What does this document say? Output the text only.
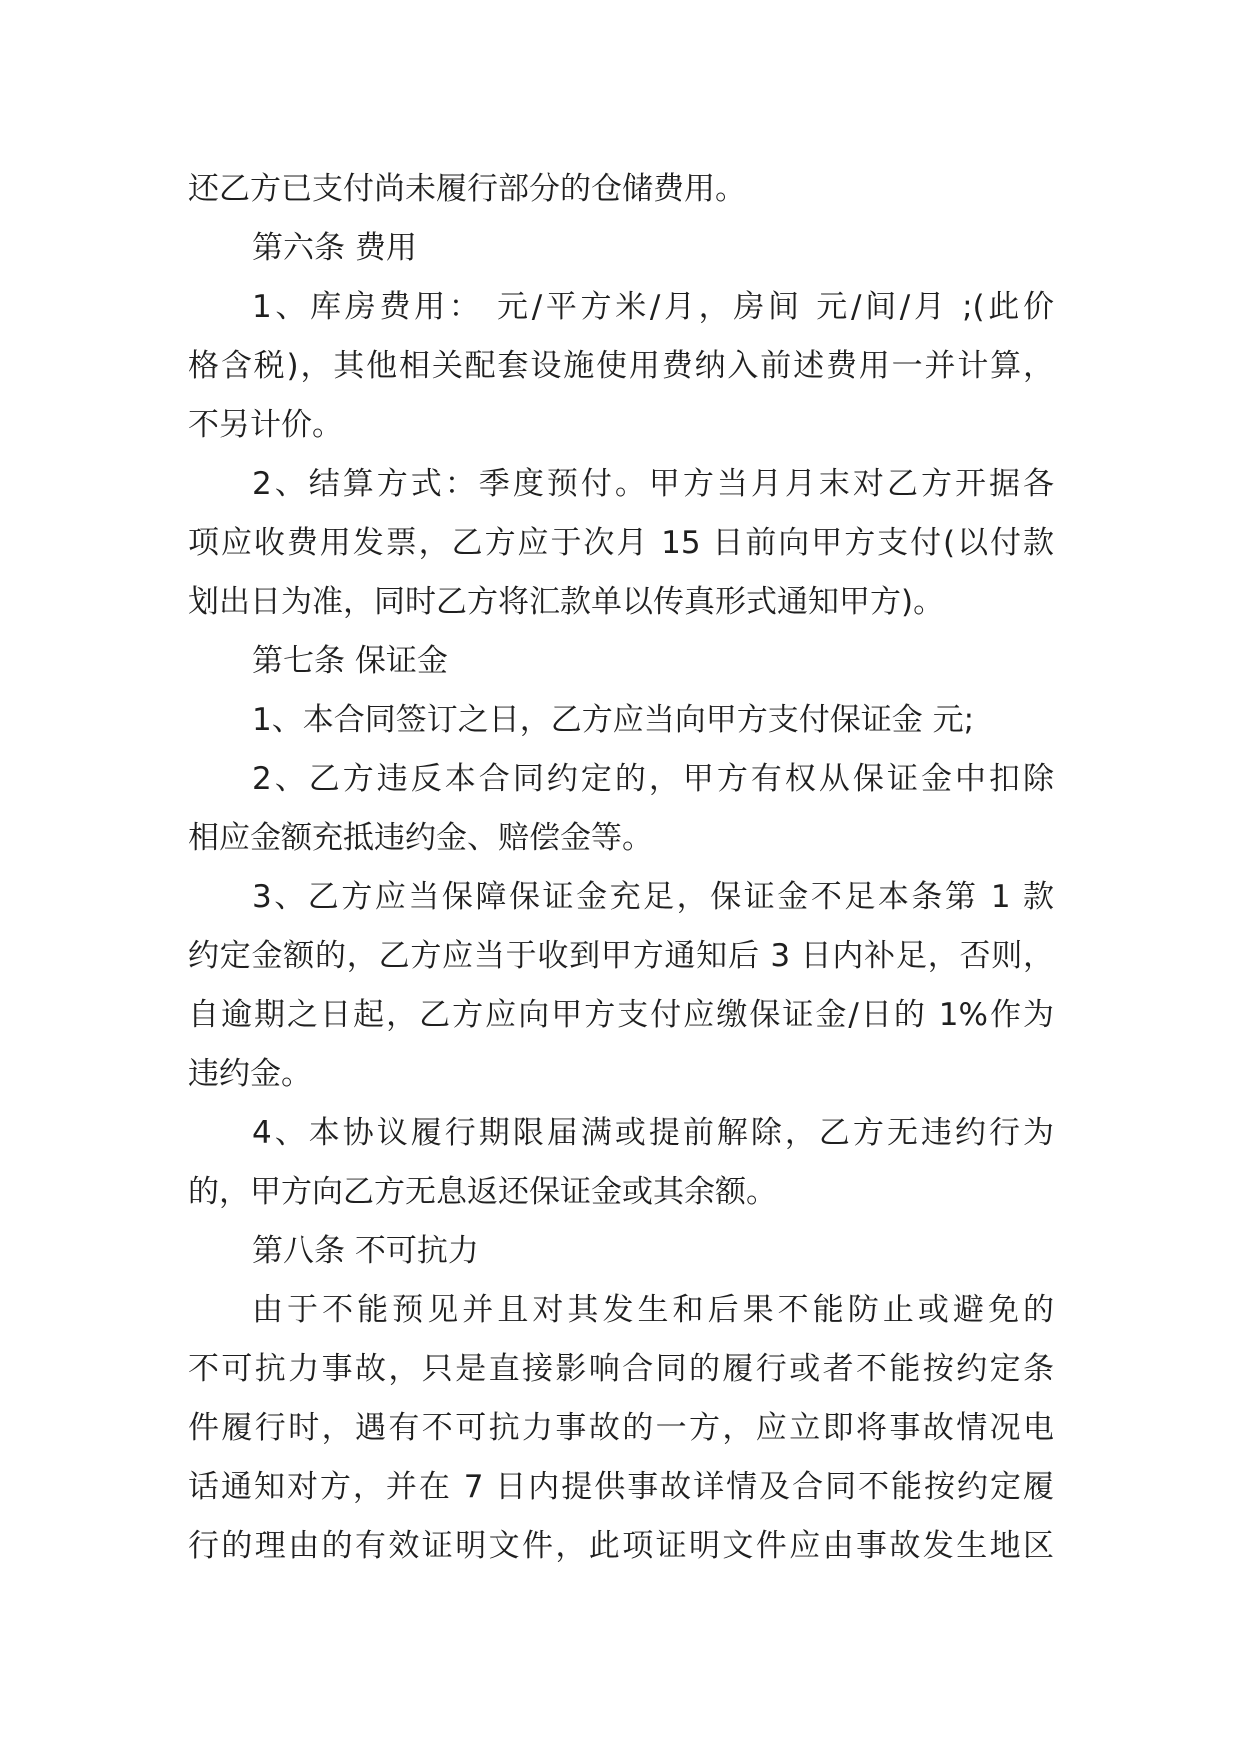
还乙方已支付尚未履行部分的仓储费用。
第六条 费用
1、库房费用： 元/平方米/月，房间 元/间/月 ;(此价
格含税)，其他相关配套设施使用费纳入前述费用一并计算，
不另计价。
2、结算方式：季度预付。甲方当月月末对乙方开据各
项应收费用发票，乙方应于次月 15 日前向甲方支付(以付款
划出日为准，同时乙方将汇款单以传真形式通知甲方)。
第七条 保证金
1、本合同签订之日，乙方应当向甲方支付保证金 元;
2、乙方违反本合同约定的，甲方有权从保证金中扣除
相应金额充抵违约金、赔偿金等。
3、乙方应当保障保证金充足，保证金不足本条第 1 款
约定金额的，乙方应当于收到甲方通知后 3 日内补足，否则，
自逾期之日起，乙方应向甲方支付应缴保证金/日的 1%作为
违约金。
4、本协议履行期限届满或提前解除，乙方无违约行为
的，甲方向乙方无息返还保证金或其余额。
第八条 不可抗力
由于不能预见并且对其发生和后果不能防止或避免的
不可抗力事故，只是直接影响合同的履行或者不能按约定条
件履行时，遇有不可抗力事故的一方，应立即将事故情况电
话通知对方，并在 7 日内提供事故详情及合同不能按约定履
行的理由的有效证明文件，此项证明文件应由事故发生地区
